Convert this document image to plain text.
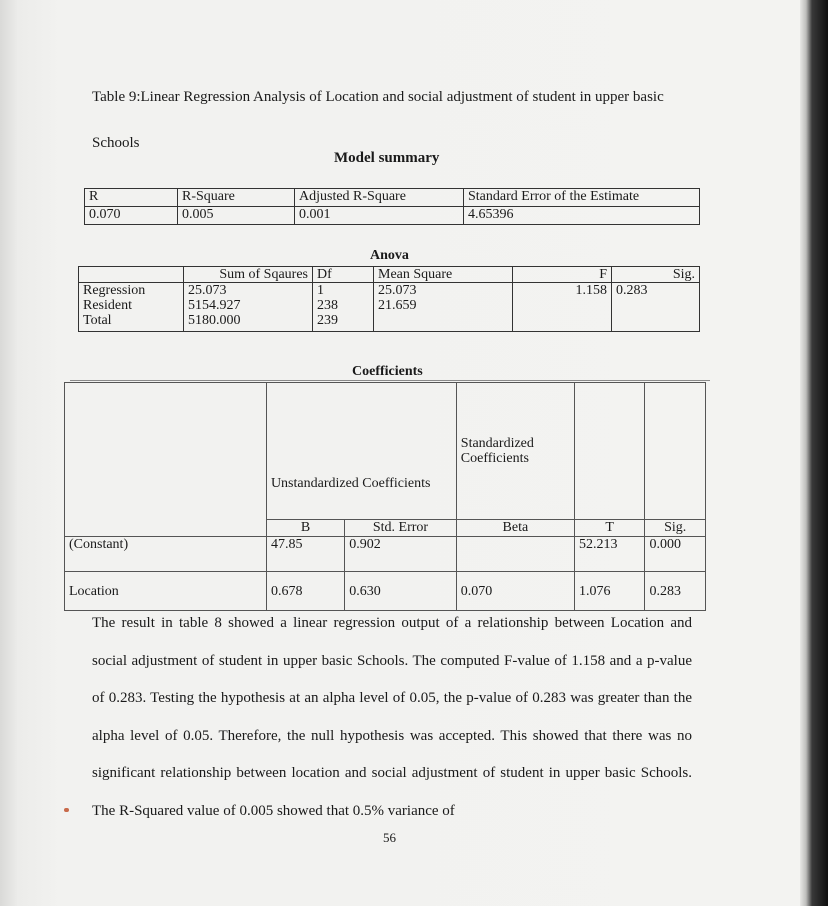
Table 9:Linear Regression Analysis of Location and social adjustment of student in upper basic Schools
Model summary
R	R-Square	Adjusted R-Square	Standard Error of the Estimate
0.070	0.005	0.001	4.65396
Anova
	Sum of Sqaures	Df	Mean Square	F	Sig.
Regression	25.073	1	25.073	1.158	0.283
Resident	5154.927	238	21.659		
Total	5180.000	239			
Coefficients
	Unstandardized Coefficients		Standardized Coefficients		
	B	Std. Error	Beta	T	Sig.
(Constant)	47.85	0.902		52.213	0.000
Location	0.678	0.630	0.070	1.076	0.283
The result in table 8 showed a linear regression output of a relationship between Location and social adjustment of student in upper basic Schools. The computed F-value of 1.158 and a p-value of 0.283. Testing the hypothesis at an alpha level of 0.05, the p-value of 0.283 was greater than the alpha level of 0.05. Therefore, the null hypothesis was accepted. This showed that there was no significant relationship between location and social adjustment of student in upper basic Schools. The R-Squared value of 0.005 showed that 0.5% variance of
56
